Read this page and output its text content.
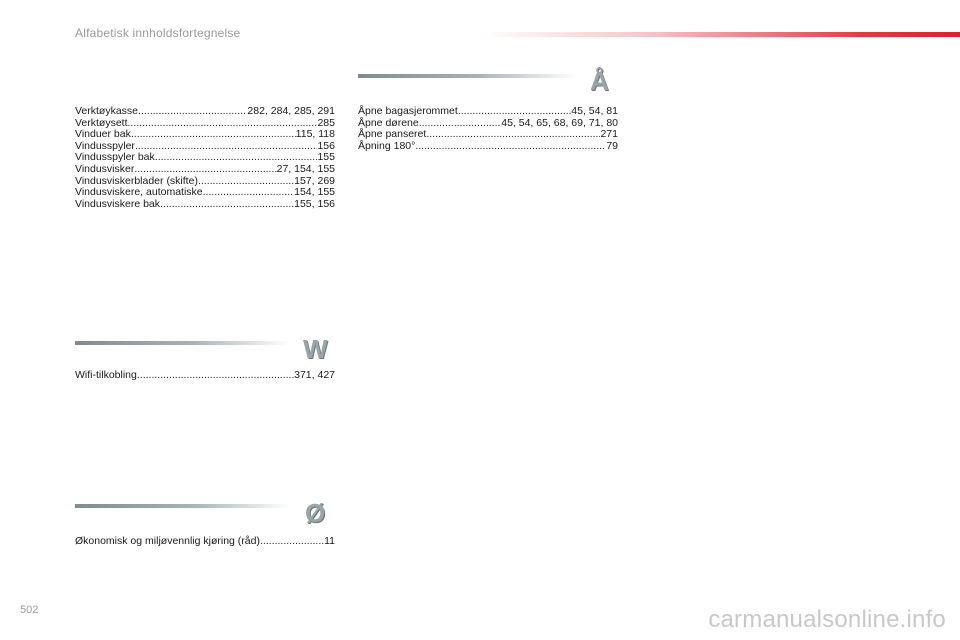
Alfabetisk innholdsfortegnelse
Verktøykasse .....	282, 284, 285, 291
Verktøysett .....	285
Vinduer bak .....	115, 118
Vindusspyler .....	156
Vindusspyler bak .....	155
Vindusvisker .....	27, 154, 155
Vindusviskerblader (skifte) .....	157, 269
Vindusviskere, automatiske .....	154, 155
Vindusviskere bak .....	155, 156
W
Wifi-tilkobling .....	371, 427
Ø
Økonomisk og miljøvennlig kjøring (råd) .....	11
Å
Åpne bagasjerommet .....	45, 54, 81
Åpne dørene .....	45, 54, 65, 68, 69, 71, 80
Åpne panseret .....	271
Åpning 180° .....	79
502	carmanualsonline.info
